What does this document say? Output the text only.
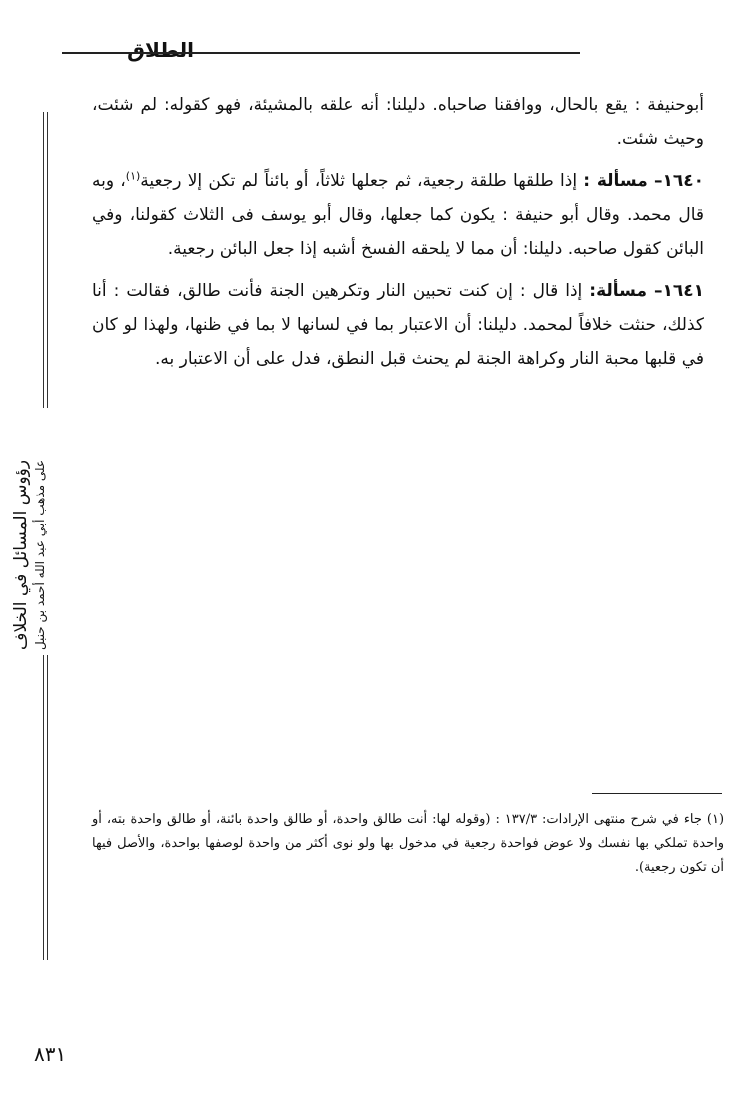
الطلاق
رؤوس المسائل في الخلاف على مذهب أبي عبد الله أحمد بن حنبل

أبوحنيفة : يقع بالحال، ووافقنا صاحباه. دليلنا: أنه علقه بالمشيئة، فهو كقوله: لم شئت، وحيث شئت.

١٦٤٠– مسألة : إذا طلقها طلقة رجعية، ثم جعلها ثلاثاً، أو بائناً لم تكن إلا رجعية$^{(١)}$، وبه قال محمد. وقال أبو حنيفة : يكون كما جعلها، وقال أبو يوسف فى الثلاث كقولنا، وفي البائن كقول صاحبه. دليلنا: أن مما لا يلحقه الفسخ أشبه إذا جعل البائن رجعية.

١٦٤١– مسألة: إذا قال : إن كنت تحبين النار وتكرهين الجنة فأنت طالق، فقالت : أنا كذلك، حنثت خلافاً لمحمد. دليلنا: أن الاعتبار بما في لسانها لا بما في ظنها، ولهذا لو كان في قلبها محبة النار وكراهة الجنة لم يحنث قبل النطق، فدل على أن الاعتبار به.

(١) جاء في شرح منتهى الإرادات: ١٣٧/٣ : (وقوله لها: أنت طالق واحدة، أو طالق واحدة بائنة، أو طالق واحدة بته، أو واحدة تملكي بها نفسك ولا عوض فواحدة رجعية في مدخول بها ولو نوى أكثر من واحدة لوصفها بواحدة، والأصل فيها أن تكون رجعية).

٨٣١
